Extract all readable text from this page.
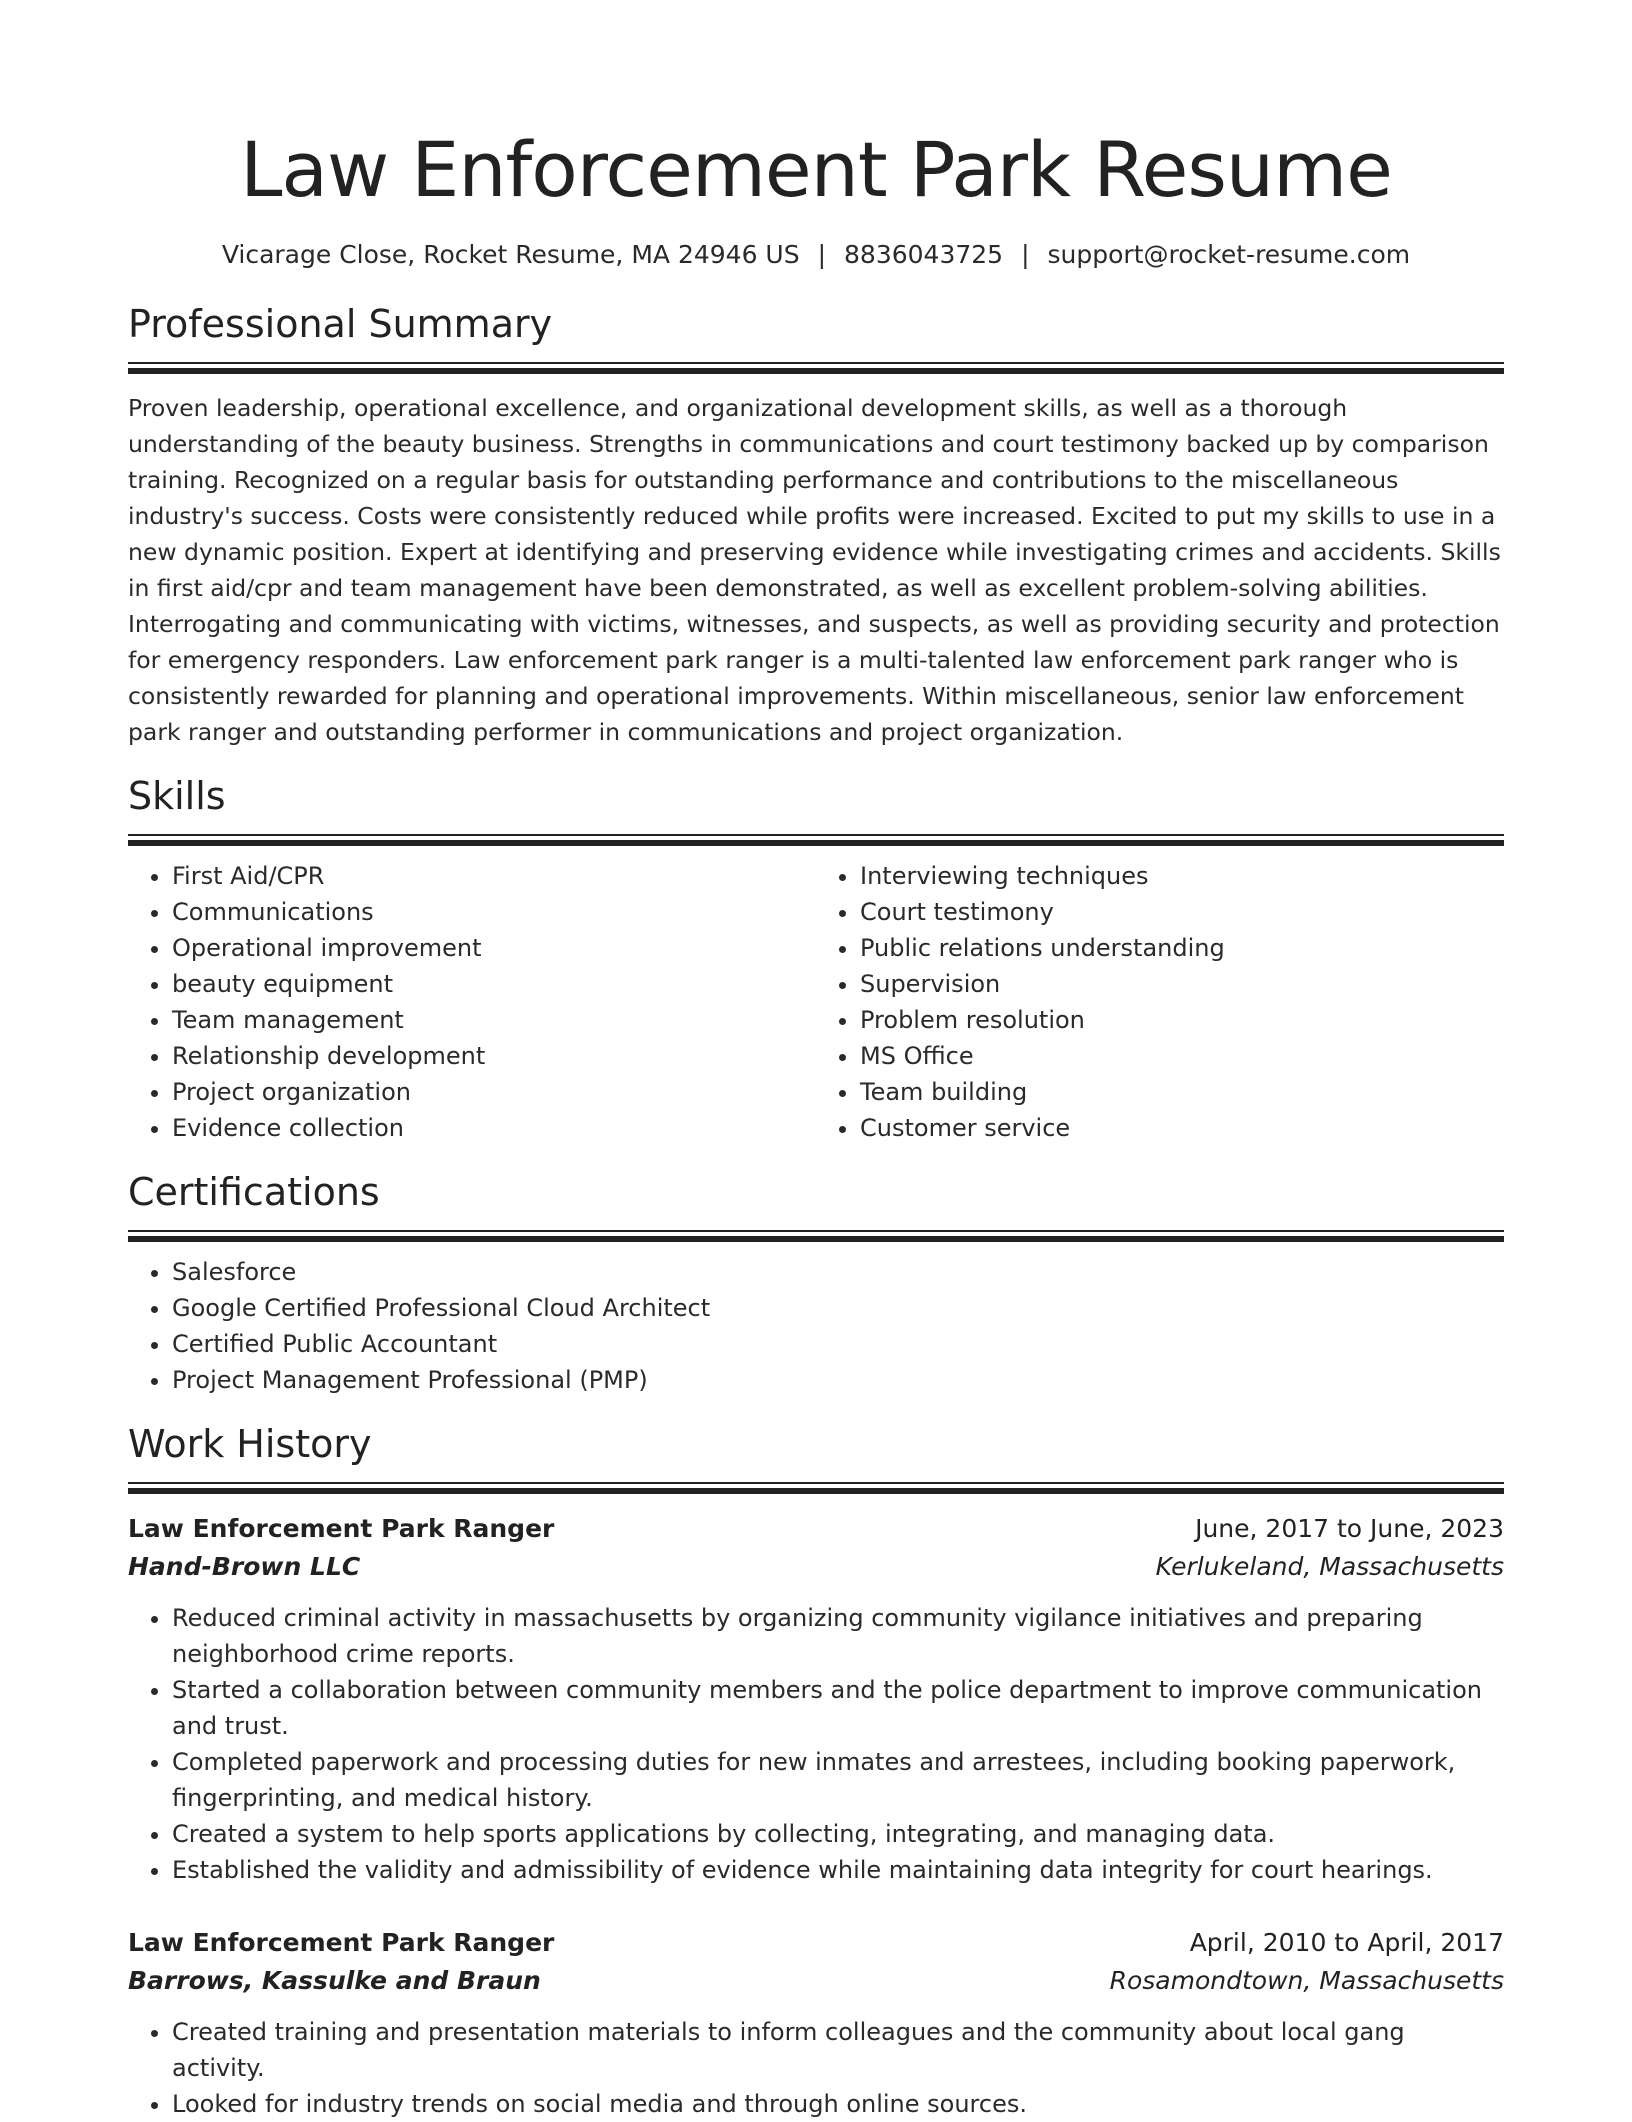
Law Enforcement Park Resume
Vicarage Close, Rocket Resume, MA 24946 US | 8836043725 | support@rocket-resume.com
Professional Summary

Proven leadership, operational excellence, and organizational development skills, as well as a thorough understanding of the beauty business. Strengths in communications and court testimony backed up by comparison training. Recognized on a regular basis for outstanding performance and contributions to the miscellaneous industry's success. Costs were consistently reduced while profits were increased. Excited to put my skills to use in a new dynamic position. Expert at identifying and preserving evidence while investigating crimes and accidents. Skills in first aid/cpr and team management have been demonstrated, as well as excellent problem-solving abilities. Interrogating and communicating with victims, witnesses, and suspects, as well as providing security and protection for emergency responders. Law enforcement park ranger is a multi-talented law enforcement park ranger who is consistently rewarded for planning and operational improvements. Within miscellaneous, senior law enforcement park ranger and outstanding performer in communications and project organization.

Skills
• First Aid/CPR
• Communications
• Operational improvement
• beauty equipment
• Team management
• Relationship development
• Project organization
• Evidence collection
• Interviewing techniques
• Court testimony
• Public relations understanding
• Supervision
• Problem resolution
• MS Office
• Team building
• Customer service
Certifications
• Salesforce
• Google Certified Professional Cloud Architect
• Certified Public Accountant
• Project Management Professional (PMP)
Work History
Law Enforcement Park Ranger	June, 2017 to June, 2023
Hand-Brown LLC	Kerlukeland, Massachusetts
• Reduced criminal activity in massachusetts by organizing community vigilance initiatives and preparing neighborhood crime reports.
• Started a collaboration between community members and the police department to improve communication and trust.
• Completed paperwork and processing duties for new inmates and arrestees, including booking paperwork, fingerprinting, and medical history.
• Created a system to help sports applications by collecting, integrating, and managing data.
• Established the validity and admissibility of evidence while maintaining data integrity for court hearings.
Law Enforcement Park Ranger	April, 2010 to April, 2017
Barrows, Kassulke and Braun	Rosamondtown, Massachusetts
• Created training and presentation materials to inform colleagues and the community about local gang activity.
• Looked for industry trends on social media and through online sources.
